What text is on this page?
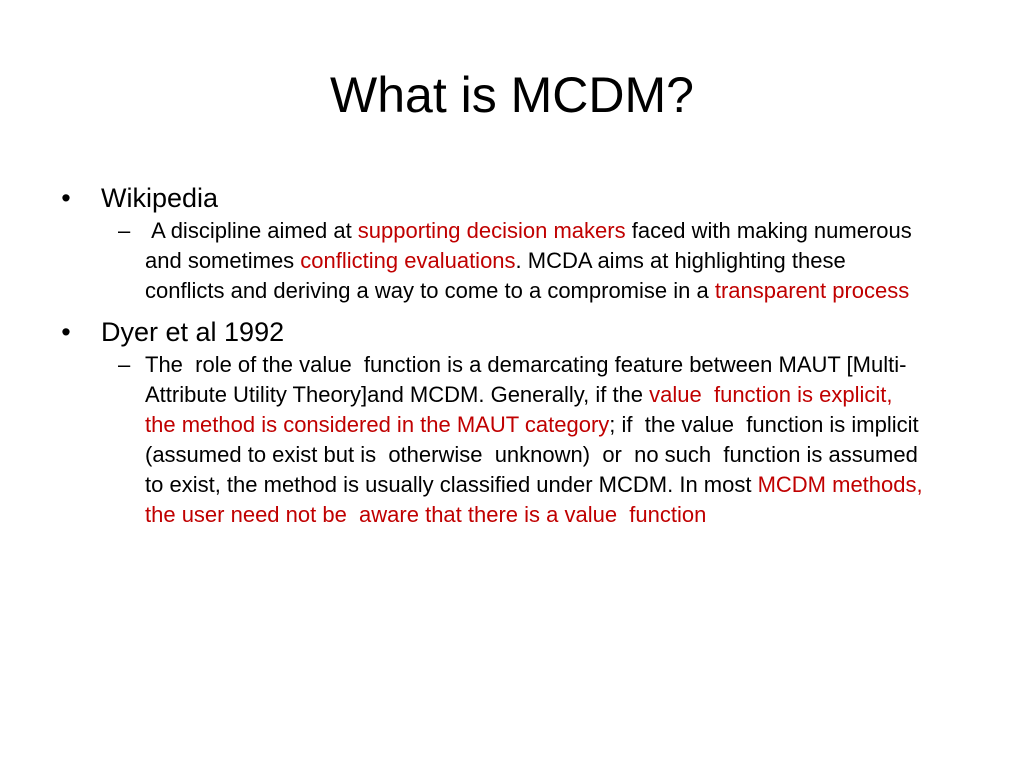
What is MCDM?

• Wikipedia

– A discipline aimed at supporting decision makers faced with making numerous and sometimes conflicting evaluations. MCDA aims at highlighting these conflicts and deriving a way to come to a compromise in a transparent process

• Dyer et al 1992

– The  role of the value  function is a demarcating feature between MAUT [Multi-Attribute Utility Theory]and MCDM. Generally, if the value  function is explicit, the method is considered in the MAUT category; if  the value  function is implicit  (assumed to exist but is  otherwise  unknown)  or  no such  function is assumed to exist, the method is usually classified under MCDM. In most MCDM methods, the user need not be  aware that there is a value  function
